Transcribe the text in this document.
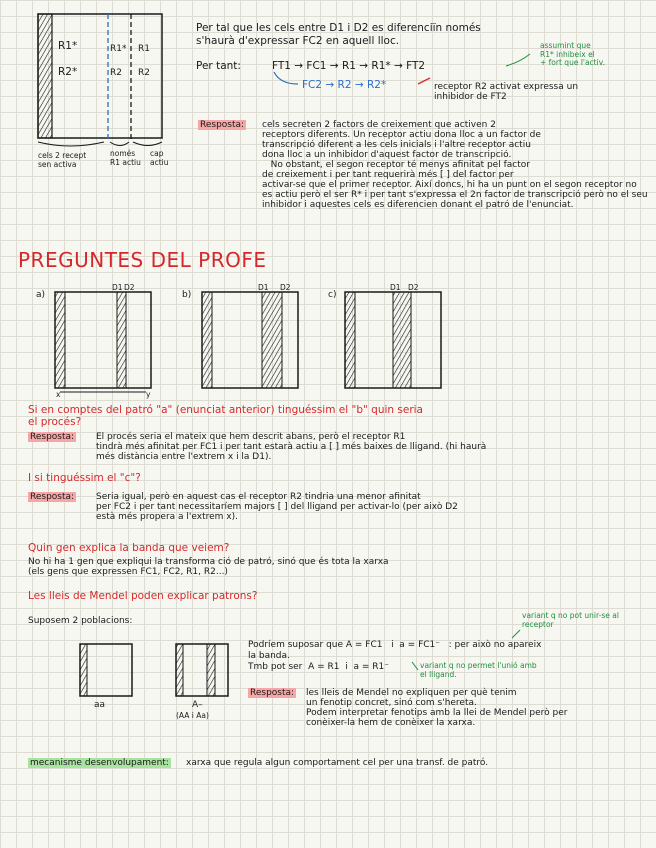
R1*
R2*
R1*
R2
R1
R2
cels 2 recept
sen activa
només
R1 actiu
cap
actiu
Per tal que les cels entre D1 i D2 es diferenciïn només
s'haurà d'expressar FC2 en aquell lloc.
Per tant:	FT1 → FC1 → R1 → R1* → FT2
FC2 → R2 → R2*
assumint que
R1* inhibeix el
+ fort que l'activ.
receptor R2 activat expressa un
inhibidor de FT2
Resposta: cels secreten 2 factors de creixement que activen 2
receptors diferents. Un receptor actiu dona lloc a un factor de
transcripció diferent a les cels inicials i l'altre receptor actiu
dona lloc a un inhibidor d'aquest factor de transcripció.
No obstant, el segon receptor té menys afinitat pel factor
de creixement i per tant requerirà més [ ] del factor per
activar-se que el primer receptor. Així doncs, hi ha un punt on el segon receptor no
es actiu però el ser R* i per tant s'expressa el 2n factor de transcripció però no el seu
inhibidor i aquestes cels es diferencien donant el patró de l'enunciat.
PREGUNTES DEL PROFE
a)	b)	c)
D1 D2	D1 D2	D1 D2
x	y
Si en comptes del patró "a" (enunciat anterior) tinguéssim el "b" quin seria
el procés?
Resposta: El procés seria el mateix que hem descrit abans, però el receptor R1
tindrà més afinitat per FC1 i per tant estarà actiu a [ ] més baixes de lligand. (hi haurà
més distància entre l'extrem x i la D1).
I si tinguéssim el "c"?
Resposta: Seria igual, però en aquest cas el receptor R2 tindria una menor afinitat
per FC2 i per tant necessitaríem majors [ ] del lligand per activar-lo (per això D2
està més propera a l'extrem x).
Quin gen explica la banda que veiem?
No hi ha 1 gen que expliqui la transforma ció de patró, sinó que és tota la xarxa
(els gens que expressen FC1, FC2, R1, R2...)
Les lleis de Mendel poden explicar patrons?
Suposem 2 poblacions:
variant q no pot unir-se al
receptor
Podríem suposar que A = FC1   i  a = FC1⁻   : per això no apareix
la banda.
Tmb pot ser  A = R1  i  a = R1⁻	variant q no permet l'unió amb
el lligand.
aa	A–
(AA i Aa)
Resposta: les lleis de Mendel no expliquen per què tenim
un fenotip concret, sinó com s'hereta.
Podem interpretar fenotips amb la llei de Mendel però per
conèixer-la hem de conèixer la xarxa.
mecanisme desenvolupament: xarxa que regula algun comportament cel per una transf. de patró.
